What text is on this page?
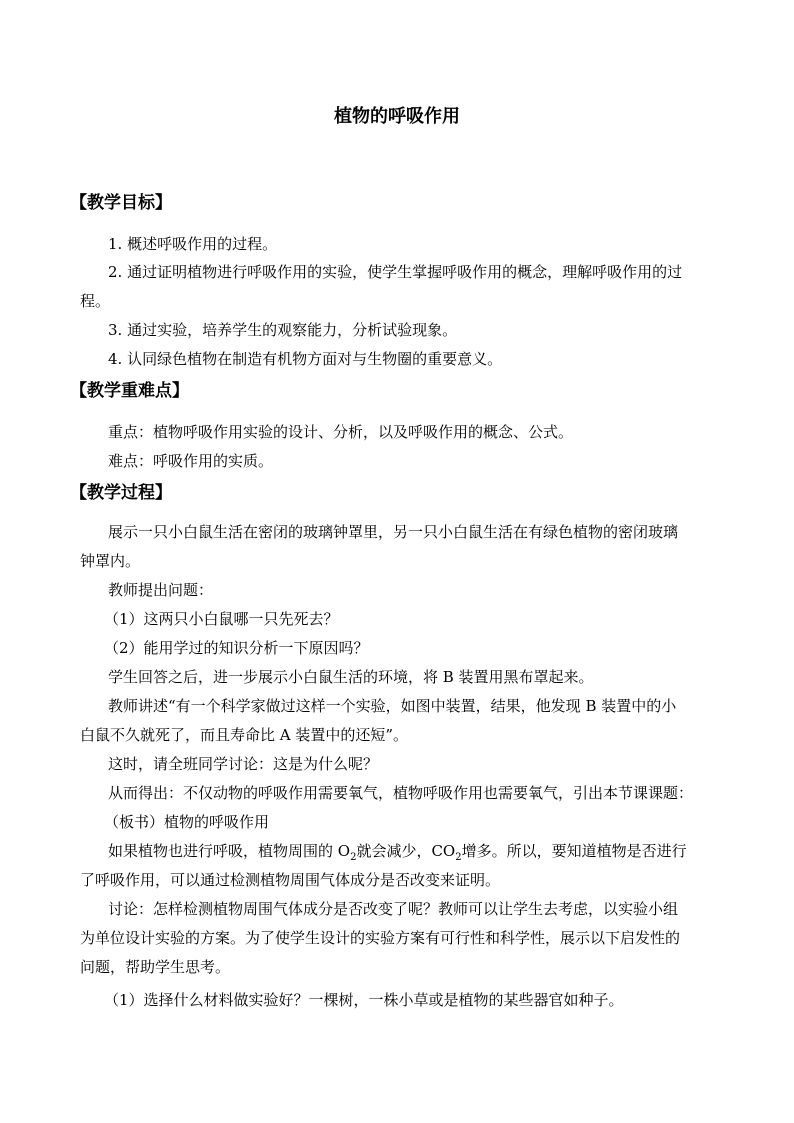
植物的呼吸作用
【教学目标】
1. 概述呼吸作用的过程。
2. 通过证明植物进行呼吸作用的实验，使学生掌握呼吸作用的概念，理解呼吸作用的过
程。
3. 通过实验，培养学生的观察能力，分析试验现象。
4. 认同绿色植物在制造有机物方面对与生物圈的重要意义。
【教学重难点】
重点：植物呼吸作用实验的设计、分析，以及呼吸作用的概念、公式。
难点：呼吸作用的实质。
【教学过程】
展示一只小白鼠生活在密闭的玻璃钟罩里，另一只小白鼠生活在有绿色植物的密闭玻璃
钟罩内。
教师提出问题：
（1）这两只小白鼠哪一只先死去？
（2）能用学过的知识分析一下原因吗？
学生回答之后，进一步展示小白鼠生活的环境，将 B 装置用黑布罩起来。
教师讲述“有一个科学家做过这样一个实验，如图中装置，结果，他发现 B 装置中的小
白鼠不久就死了，而且寿命比 A 装置中的还短”。
这时，请全班同学讨论：这是为什么呢？
从而得出：不仅动物的呼吸作用需要氧气，植物呼吸作用也需要氧气，引出本节课课题：
（板书）植物的呼吸作用
如果植物也进行呼吸，植物周围的 $O_2$就会减少，$CO_2$增多。所以，要知道植物是否进行
了呼吸作用，可以通过检测植物周围气体成分是否改变来证明。
讨论：怎样检测植物周围气体成分是否改变了呢？教师可以让学生去考虑，以实验小组
为单位设计实验的方案。为了使学生设计的实验方案有可行性和科学性，展示以下启发性的
问题，帮助学生思考。
（1）选择什么材料做实验好？一棵树，一株小草或是植物的某些器官如种子。
